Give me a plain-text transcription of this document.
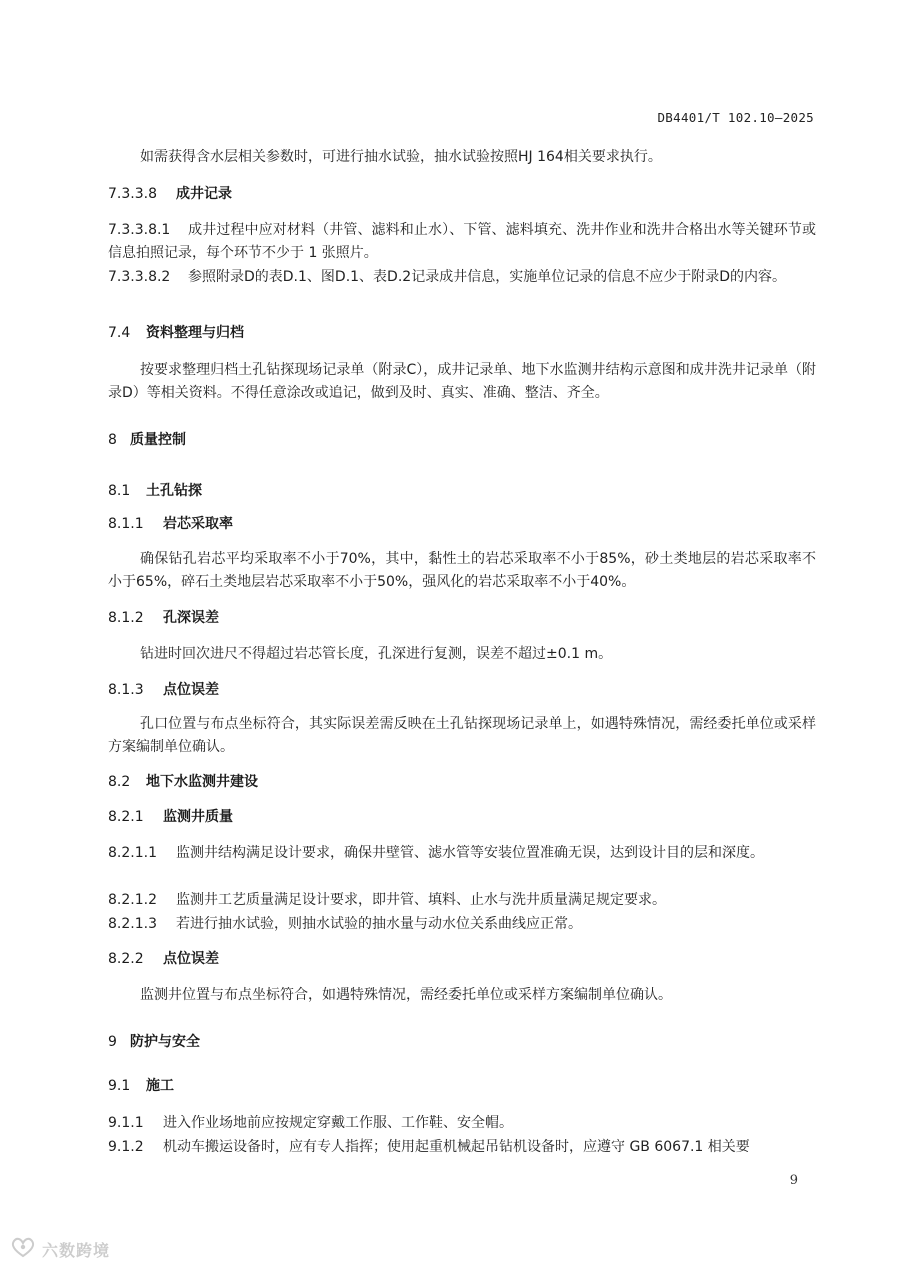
DB4401/T 102.10—2025
如需获得含水层相关参数时，可进行抽水试验，抽水试验按照HJ 164相关要求执行。
7.3.3.8 成井记录
7.3.3.8.1 成井过程中应对材料（井管、滤料和止水）、下管、滤料填充、洗井作业和洗井合格出水等关键环节或信息拍照记录，每个环节不少于 1 张照片。
7.3.3.8.2 参照附录D的表D.1、图D.1、表D.2记录成井信息，实施单位记录的信息不应少于附录D的内容。
7.4 资料整理与归档
按要求整理归档土孔钻探现场记录单（附录C），成井记录单、地下水监测井结构示意图和成井洗井记录单（附录D）等相关资料。不得任意涂改或追记，做到及时、真实、准确、整洁、齐全。
8 质量控制
8.1 土孔钻探
8.1.1 岩芯采取率
确保钻孔岩芯平均采取率不小于70%，其中，黏性土的岩芯采取率不小于85%，砂土类地层的岩芯采取率不小于65%，碎石土类地层岩芯采取率不小于50%，强风化的岩芯采取率不小于40%。
8.1.2 孔深误差
钻进时回次进尺不得超过岩芯管长度，孔深进行复测，误差不超过±0.1 m。
8.1.3 点位误差
孔口位置与布点坐标符合，其实际误差需反映在土孔钻探现场记录单上，如遇特殊情况，需经委托单位或采样方案编制单位确认。
8.2 地下水监测井建设
8.2.1 监测井质量
8.2.1.1 监测井结构满足设计要求，确保井壁管、滤水管等安装位置准确无误，达到设计目的层和深度。
8.2.1.2 监测井工艺质量满足设计要求，即井管、填料、止水与洗井质量满足规定要求。
8.2.1.3 若进行抽水试验，则抽水试验的抽水量与动水位关系曲线应正常。
8.2.2 点位误差
监测井位置与布点坐标符合，如遇特殊情况，需经委托单位或采样方案编制单位确认。
9 防护与安全
9.1 施工
9.1.1 进入作业场地前应按规定穿戴工作服、工作鞋、安全帽。
9.1.2 机动车搬运设备时，应有专人指挥；使用起重机械起吊钻机设备时，应遵守 GB 6067.1 相关要
9
六数跨境
